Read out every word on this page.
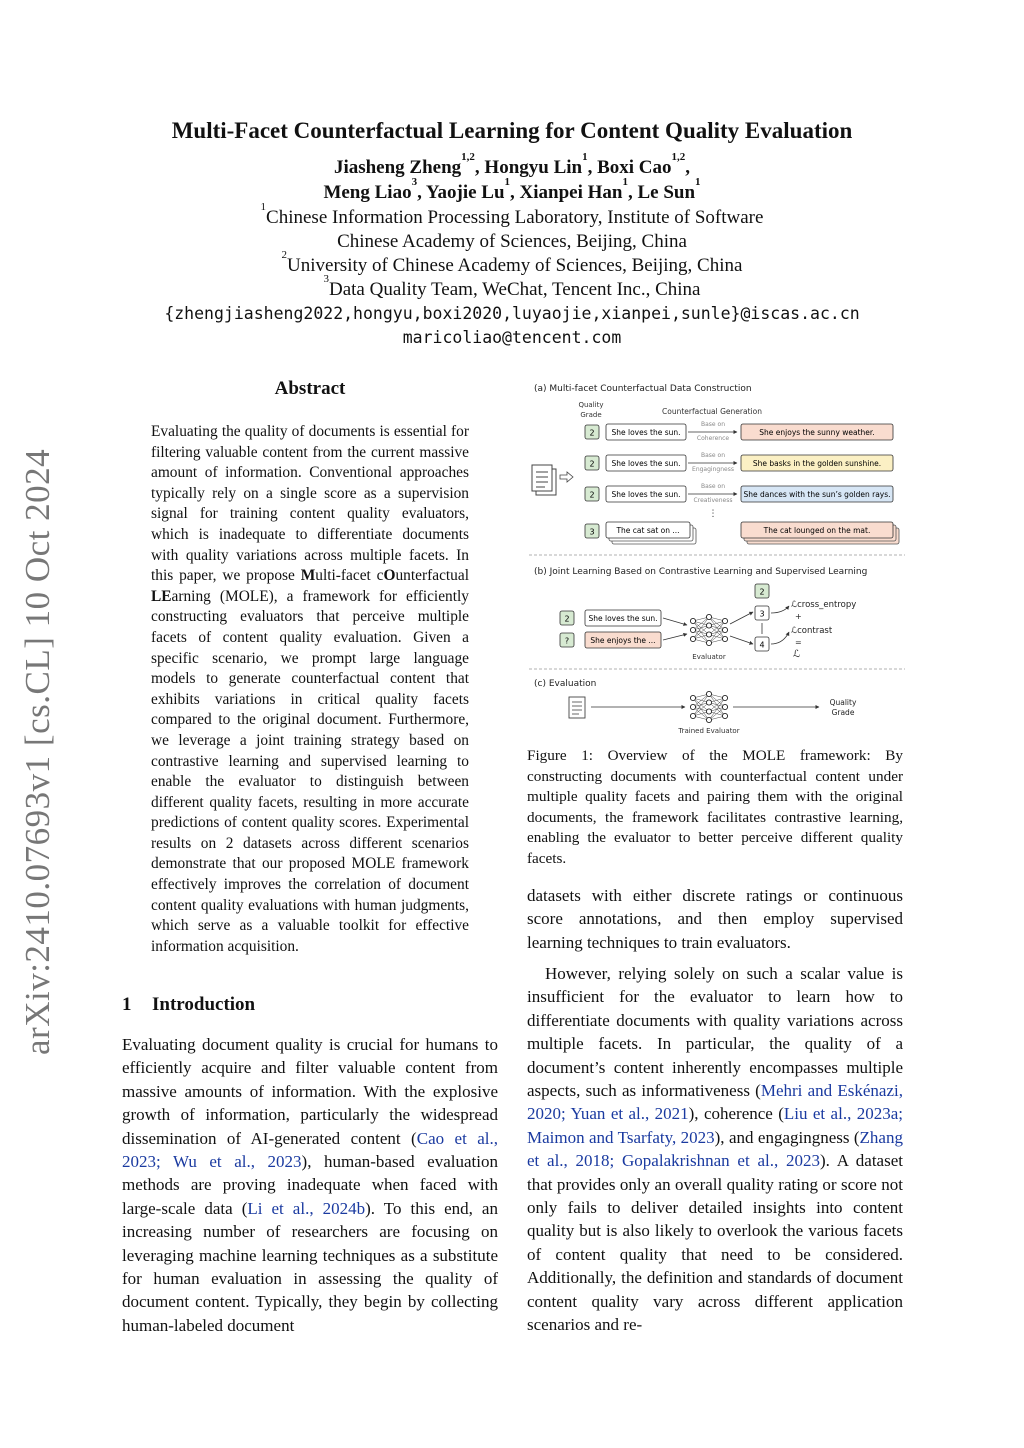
arXiv:2410.07693v1 [cs.CL] 10 Oct 2024
Multi-Facet Counterfactual Learning for Content Quality Evaluation
Jiasheng Zheng$^{1,2}$, Hongyu Lin$^1$, Boxi Cao$^{1,2}$,
Meng Liao$^3$, Yaojie Lu$^1$, Xianpei Han$^1$, Le Sun$^1$
$^1$Chinese Information Processing Laboratory, Institute of Software
Chinese Academy of Sciences, Beijing, China
$^2$University of Chinese Academy of Sciences, Beijing, China
$^3$Data Quality Team, WeChat, Tencent Inc., China
{zhengjiasheng2022,hongyu,boxi2020,luyaojie,xianpei,sunle}@iscas.ac.cn
maricoliao@tencent.com
Abstract
Evaluating the quality of documents is essential for filtering valuable content from the current massive amount of information. Conventional approaches typically rely on a single score as a supervision signal for training content quality evaluators, which is inadequate to differentiate documents with quality variations across multiple facets. In this paper, we propose Multi-facet cOunterfactual LEarning (MOLE), a framework for efficiently constructing evaluators that perceive multiple facets of content quality evaluation. Given a specific scenario, we prompt large language models to generate counterfactual content that exhibits variations in critical quality facets compared to the original document. Furthermore, we leverage a joint training strategy based on contrastive learning and supervised learning to enable the evaluator to distinguish between different quality facets, resulting in more accurate predictions of content quality scores. Experimental results on 2 datasets across different scenarios demonstrate that our proposed MOLE framework effectively improves the correlation of document content quality evaluations with human judgments, which serve as a valuable toolkit for effective information acquisition.
1 Introduction
Evaluating document quality is crucial for humans to efficiently acquire and filter valuable content from massive amounts of information. With the explosive growth of information, particularly the widespread dissemination of AI-generated content (Cao et al., 2023; Wu et al., 2023), human-based evaluation methods are proving inadequate when faced with large-scale data (Li et al., 2024b). To this end, an increasing number of researchers are focusing on leveraging machine learning techniques as a substitute for human evaluation in assessing the quality of document content. Typically, they begin by collecting human-labeled document
datasets with either discrete ratings or continuous score annotations, and then employ supervised learning techniques to train evaluators.
However, relying solely on such a scalar value is insufficient for the evaluator to learn how to differentiate documents with quality variations across multiple facets. In particular, the quality of a document’s content inherently encompasses multiple aspects, such as informativeness (Mehri and Eskénazi, 2020; Yuan et al., 2021), coherence (Liu et al., 2023a; Maimon and Tsarfaty, 2023), and engagingness (Zhang et al., 2018; Gopalakrishnan et al., 2023). A dataset that provides only an overall quality rating or score not only fails to deliver detailed insights into content quality but is also likely to overlook the various facets of content quality that need to be considered. Additionally, the definition and standards of document content quality vary across different application scenarios and re-
Figure 1: Overview of the MOLE framework: By constructing documents with counterfactual content under multiple quality facets and pairing them with the original documents, the framework facilitates contrastive learning, enabling the evaluator to better perceive different quality facets.
(a) Multi-facet Counterfactual Data Construction
Quality
Grade	Counterfactual Generation
2 She loves the sun.
Base on
Coherence
She enjoys the sunny weather.
2 She loves the sun.
Base on
Engagingness
She basks in the golden sunshine.
2 She loves the sun.
Base on
Creativeness
She dances with the sun’s golden rays.
⋮
3	The cat sat on ...	The cat lounged on the mat.
(b) Joint Learning Based on Contrastive Learning and Supervised Learning
2	She loves the sun.
?	She enjoys the ...
Evaluator
2
3
4
ℒcross_entropy
+
ℒcontrast
=
ℒ
(c) Evaluation
Trained Evaluator
Quality
Grade
